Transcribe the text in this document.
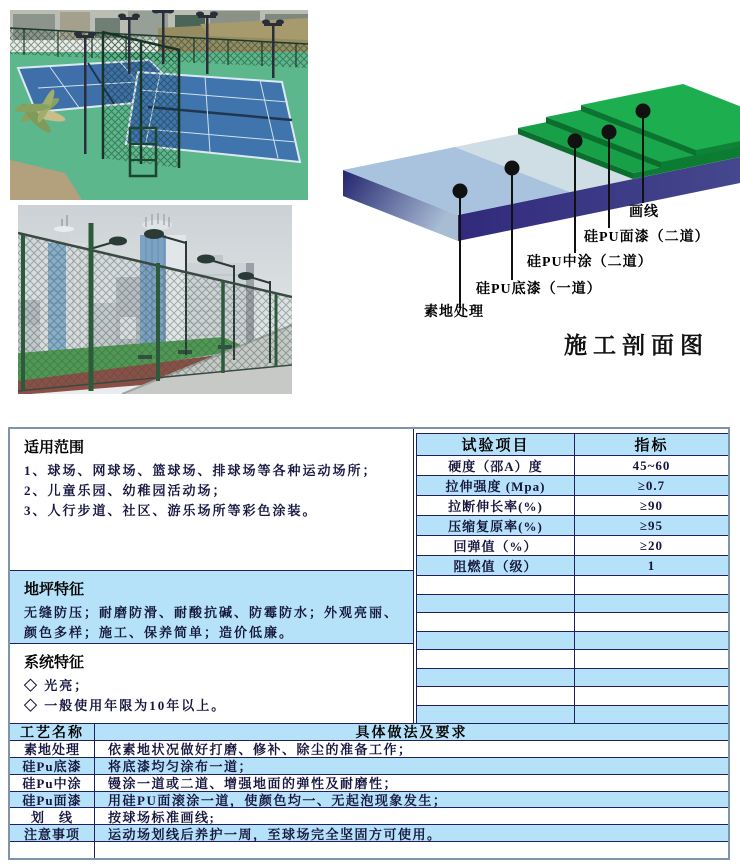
画线
硅PU面漆（二道）
硅PU中涂（二道）
硅PU底漆（一道）
素地处理
施工剖面图
适用范围
1、球场、网球场、篮球场、排球场等各种运动场所；
2、儿童乐园、幼稚园活动场；
3、人行步道、社区、游乐场所等彩色涂装。
地坪特征
无缝防压；耐磨防滑、耐酸抗碱、防霉防水；外观亮丽、颜色多样；施工、保养简单；造价低廉。
系统特征
◇ 光亮；
◇ 一般使用年限为10年以上。
试验项目	指标
硬度（邵A）度	45~60
拉伸强度 (Mpa)	≥0.7
拉断伸长率(%)	≥90
压缩复原率(%)	≥95
回弹值（%）	≥20
阻燃值（级）	1
工艺名称	具体做法及要求
素地处理	依素地状况做好打磨、修补、除尘的准备工作；
硅Pu底漆	将底漆均匀涂布一道；
硅Pu中涂	镘涂一道或二道、增强地面的弹性及耐磨性；
硅Pu面漆	用硅PU面滚涂一道，使颜色均一、无起泡现象发生；
划　线	按球场标准画线;
注意事项	运动场划线后养护一周，至球场完全坚固方可使用。
